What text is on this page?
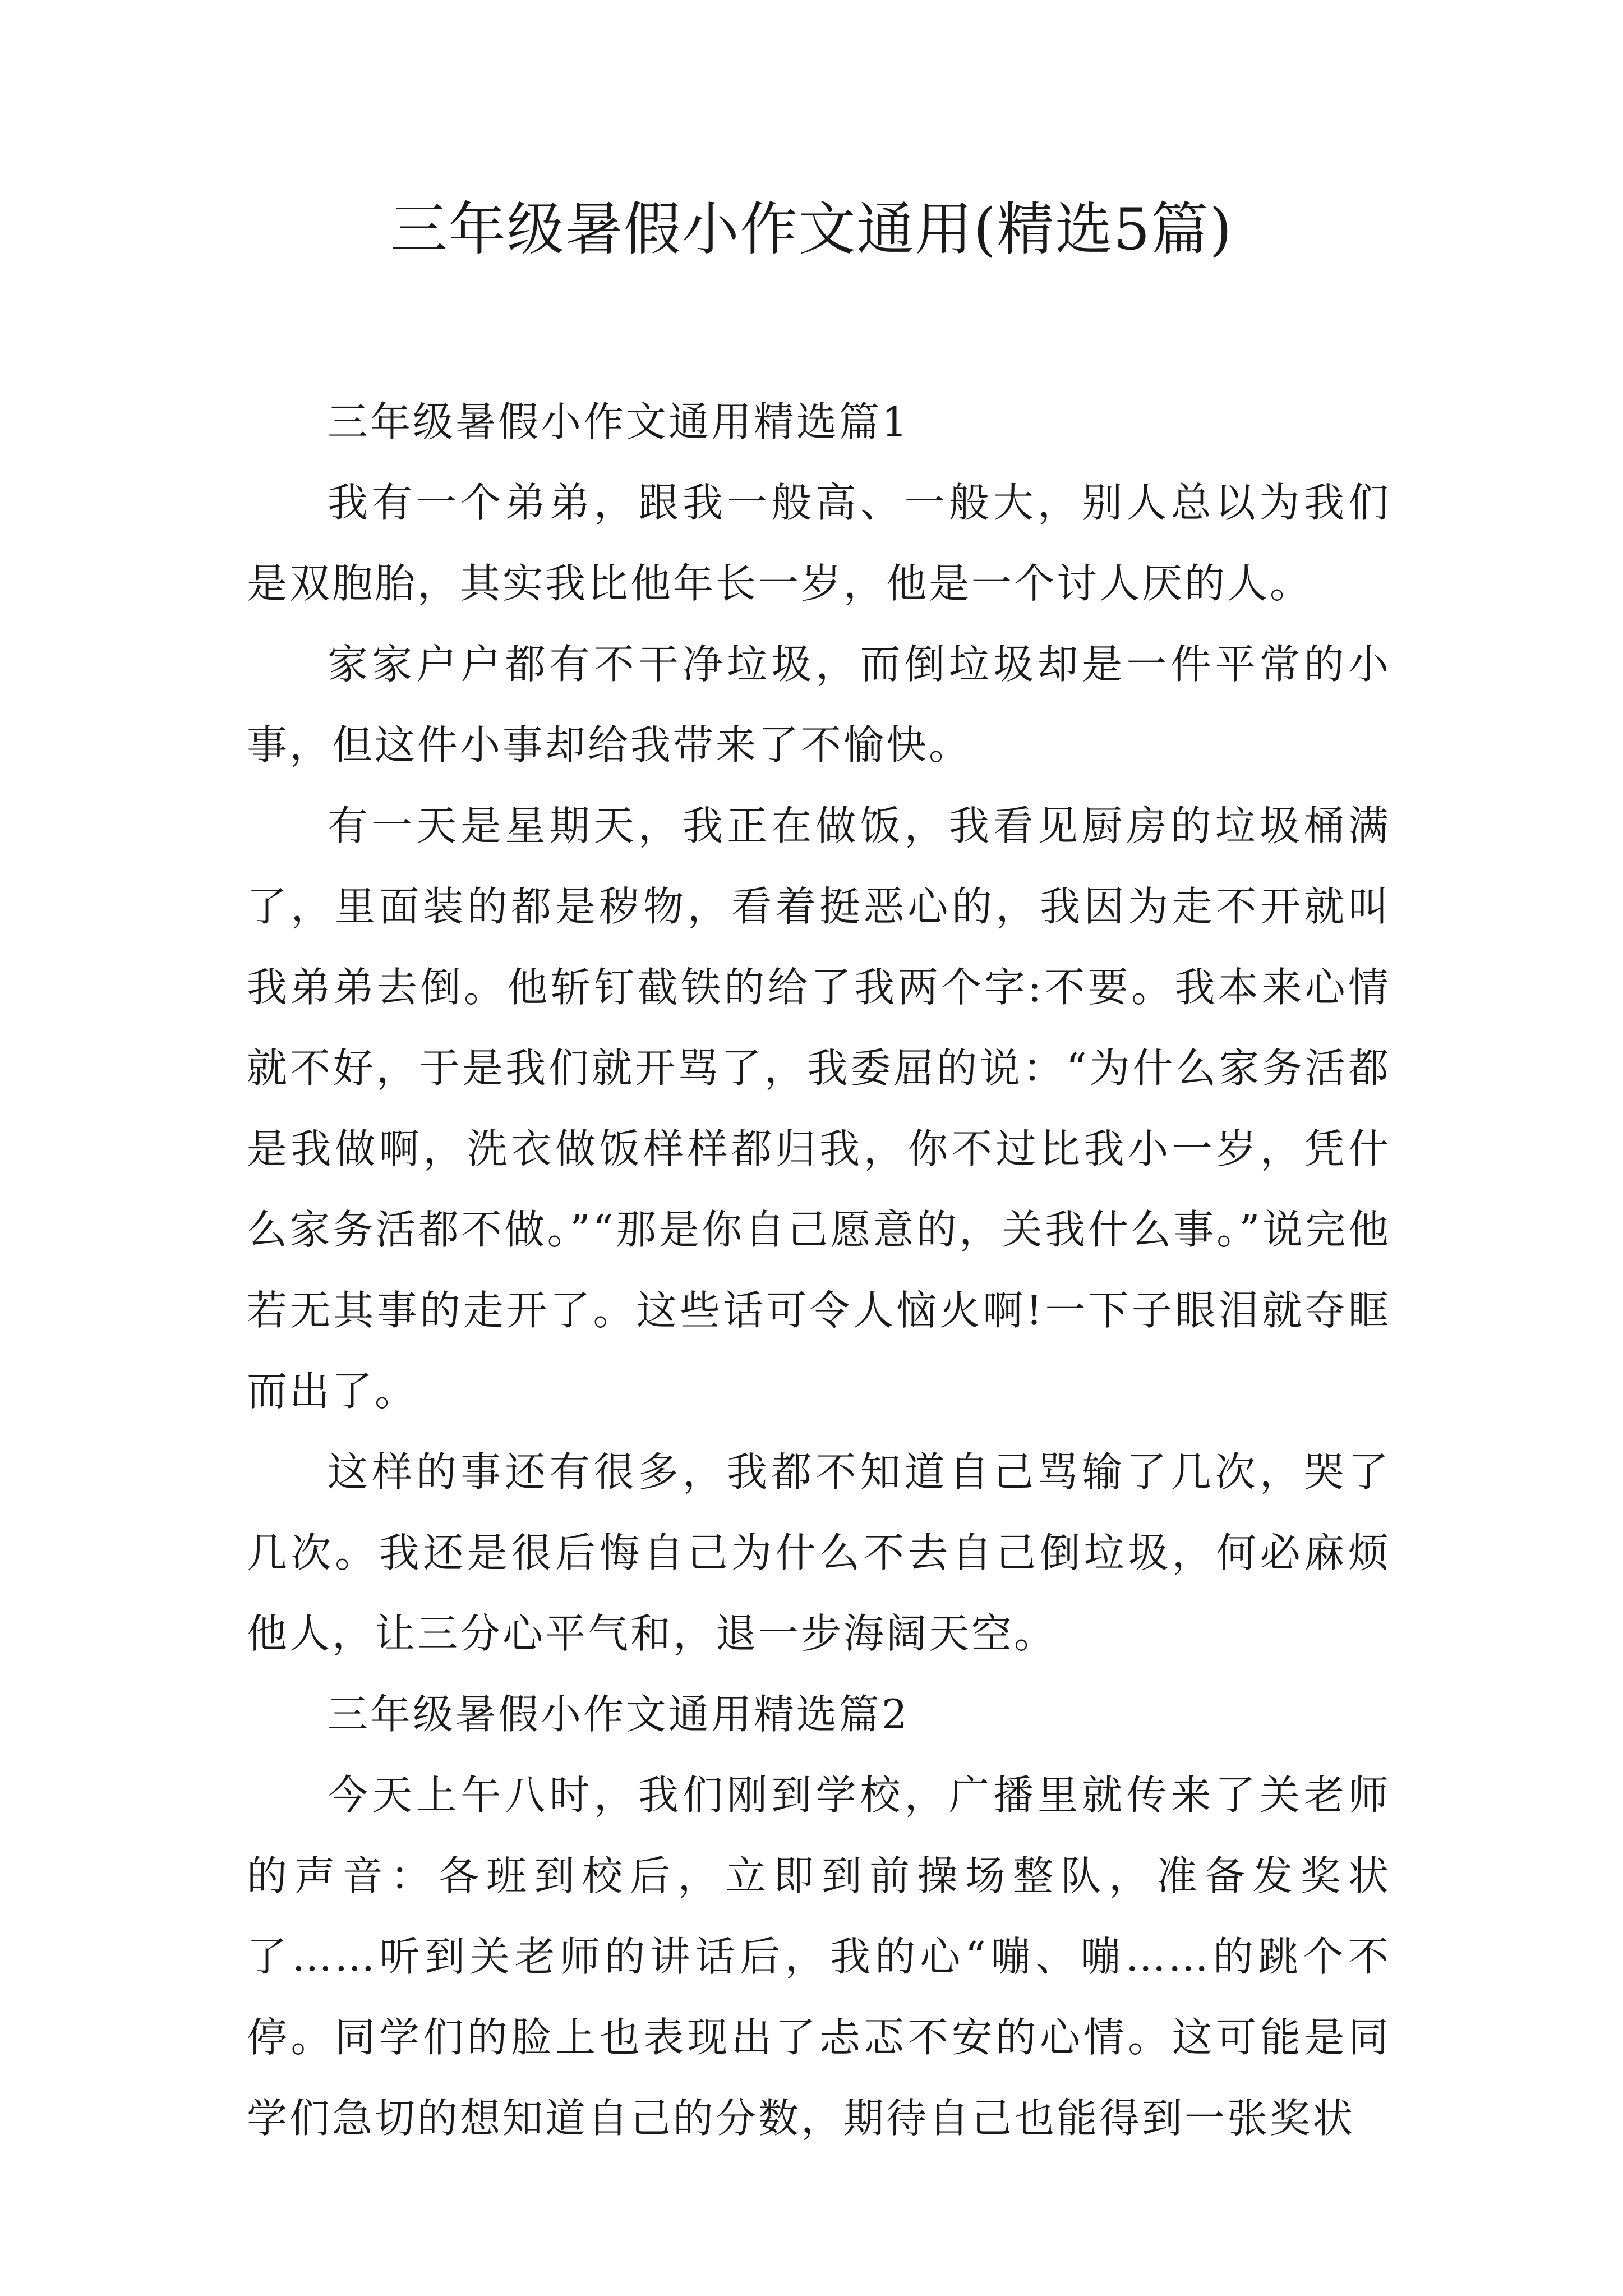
三年级暑假小作文通用(精选5篇)

三年级暑假小作文通用精选篇1

我有一个弟弟，跟我一般高、一般大，别人总以为我们是双胞胎，其实我比他年长一岁，他是一个讨人厌的人。

家家户户都有不干净垃圾，而倒垃圾却是一件平常的小事，但这件小事却给我带来了不愉快。

有一天是星期天，我正在做饭，我看见厨房的垃圾桶满了，里面装的都是秽物，看着挺恶心的，我因为走不开就叫我弟弟去倒。他斩钉截铁的给了我两个字:不要。我本来心情就不好，于是我们就开骂了，我委屈的说：“为什么家务活都是我做啊，洗衣做饭样样都归我，你不过比我小一岁，凭什么家务活都不做。”“那是你自己愿意的，关我什么事。”说完他若无其事的走开了。这些话可令人恼火啊!一下子眼泪就夺眶而出了。

这样的事还有很多，我都不知道自己骂输了几次，哭了几次。我还是很后悔自己为什么不去自己倒垃圾，何必麻烦他人，让三分心平气和，退一步海阔天空。

三年级暑假小作文通用精选篇2

今天上午八时，我们刚到学校，广播里就传来了关老师的声音：各班到校后，立即到前操场整队，准备发奖状了……听到关老师的讲话后，我的心“嘣、嘣……的跳个不停。同学们的脸上也表现出了忐忑不安的心情。这可能是同学们急切的想知道自己的分数，期待自己也能得到一张奖状
